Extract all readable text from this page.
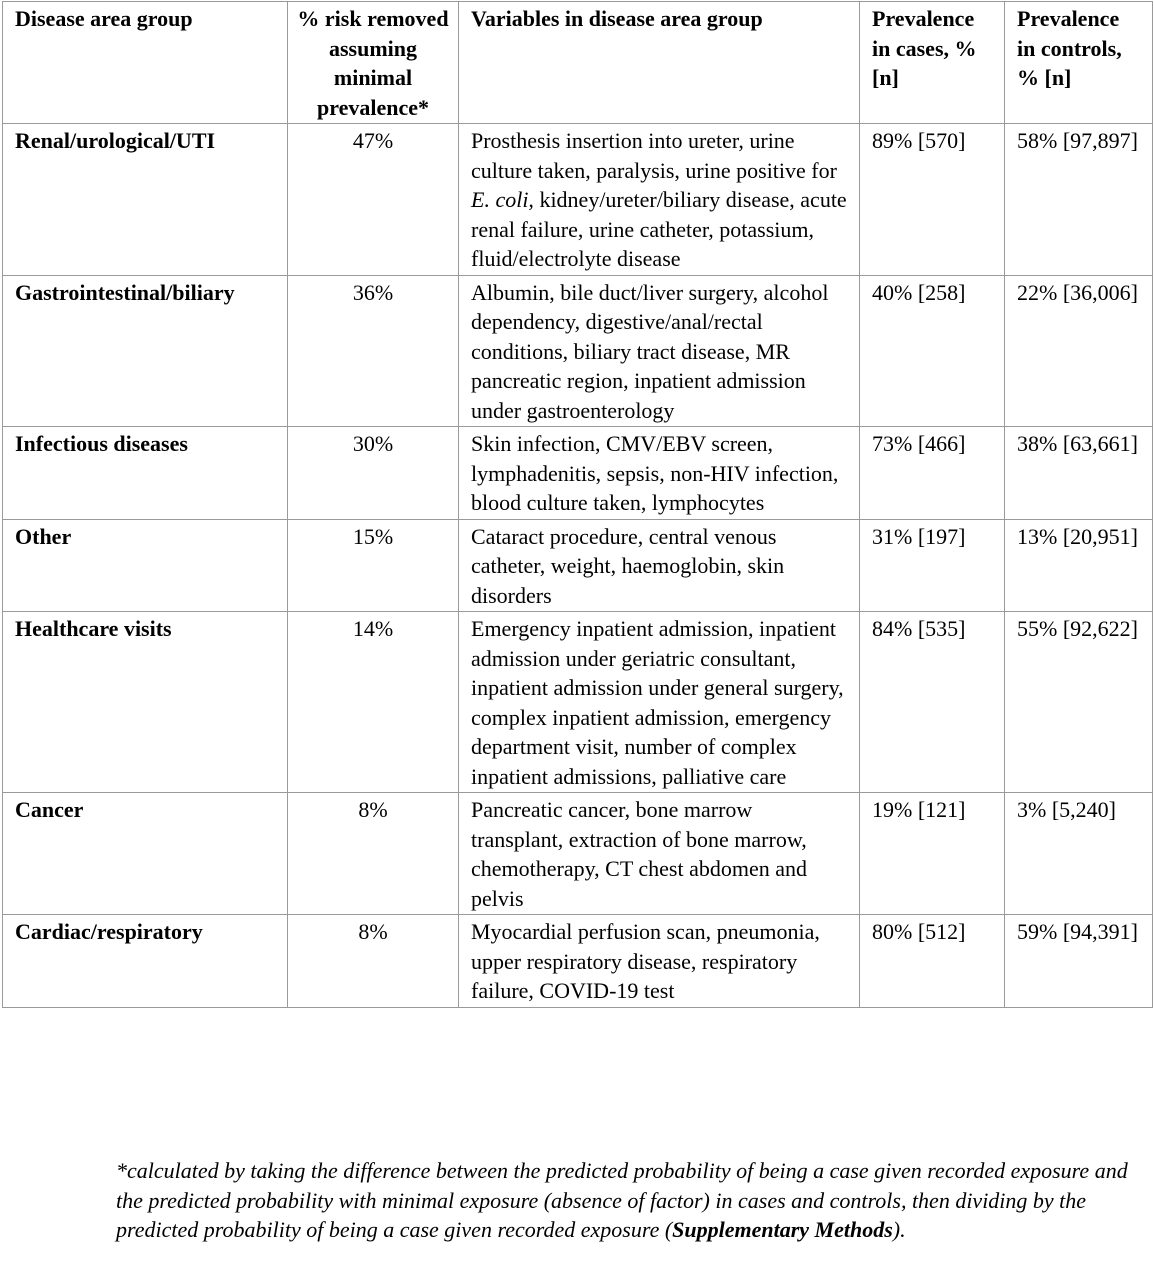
Disease area group	% risk removed assuming minimal prevalence*	Variables in disease area group	Prevalence in cases, % [n]	Prevalence in controls, % [n]
Renal/urological/UTI	47%	Prosthesis insertion into ureter, urine culture taken, paralysis, urine positive for E. coli, kidney/ureter/biliary disease, acute renal failure, urine catheter, potassium, fluid/electrolyte disease	89% [570]	58% [97,897]
Gastrointestinal/biliary	36%	Albumin, bile duct/liver surgery, alcohol dependency, digestive/anal/rectal conditions, biliary tract disease, MR pancreatic region, inpatient admission under gastroenterology	40% [258]	22% [36,006]
Infectious diseases	30%	Skin infection, CMV/EBV screen, lymphadenitis, sepsis, non-HIV infection, blood culture taken, lymphocytes	73% [466]	38% [63,661]
Other	15%	Cataract procedure, central venous catheter, weight, haemoglobin, skin disorders	31% [197]	13% [20,951]
Healthcare visits	14%	Emergency inpatient admission, inpatient admission under geriatric consultant, inpatient admission under general surgery, complex inpatient admission, emergency department visit, number of complex inpatient admissions, palliative care	84% [535]	55% [92,622]
Cancer	8%	Pancreatic cancer, bone marrow transplant, extraction of bone marrow, chemotherapy, CT chest abdomen and pelvis	19% [121]	3% [5,240]
Cardiac/respiratory	8%	Myocardial perfusion scan, pneumonia, upper respiratory disease, respiratory failure, COVID-19 test	80% [512]	59% [94,391]
*calculated by taking the difference between the predicted probability of being a case given recorded exposure and the predicted probability with minimal exposure (absence of factor) in cases and controls, then dividing by the predicted probability of being a case given recorded exposure (Supplementary Methods).
